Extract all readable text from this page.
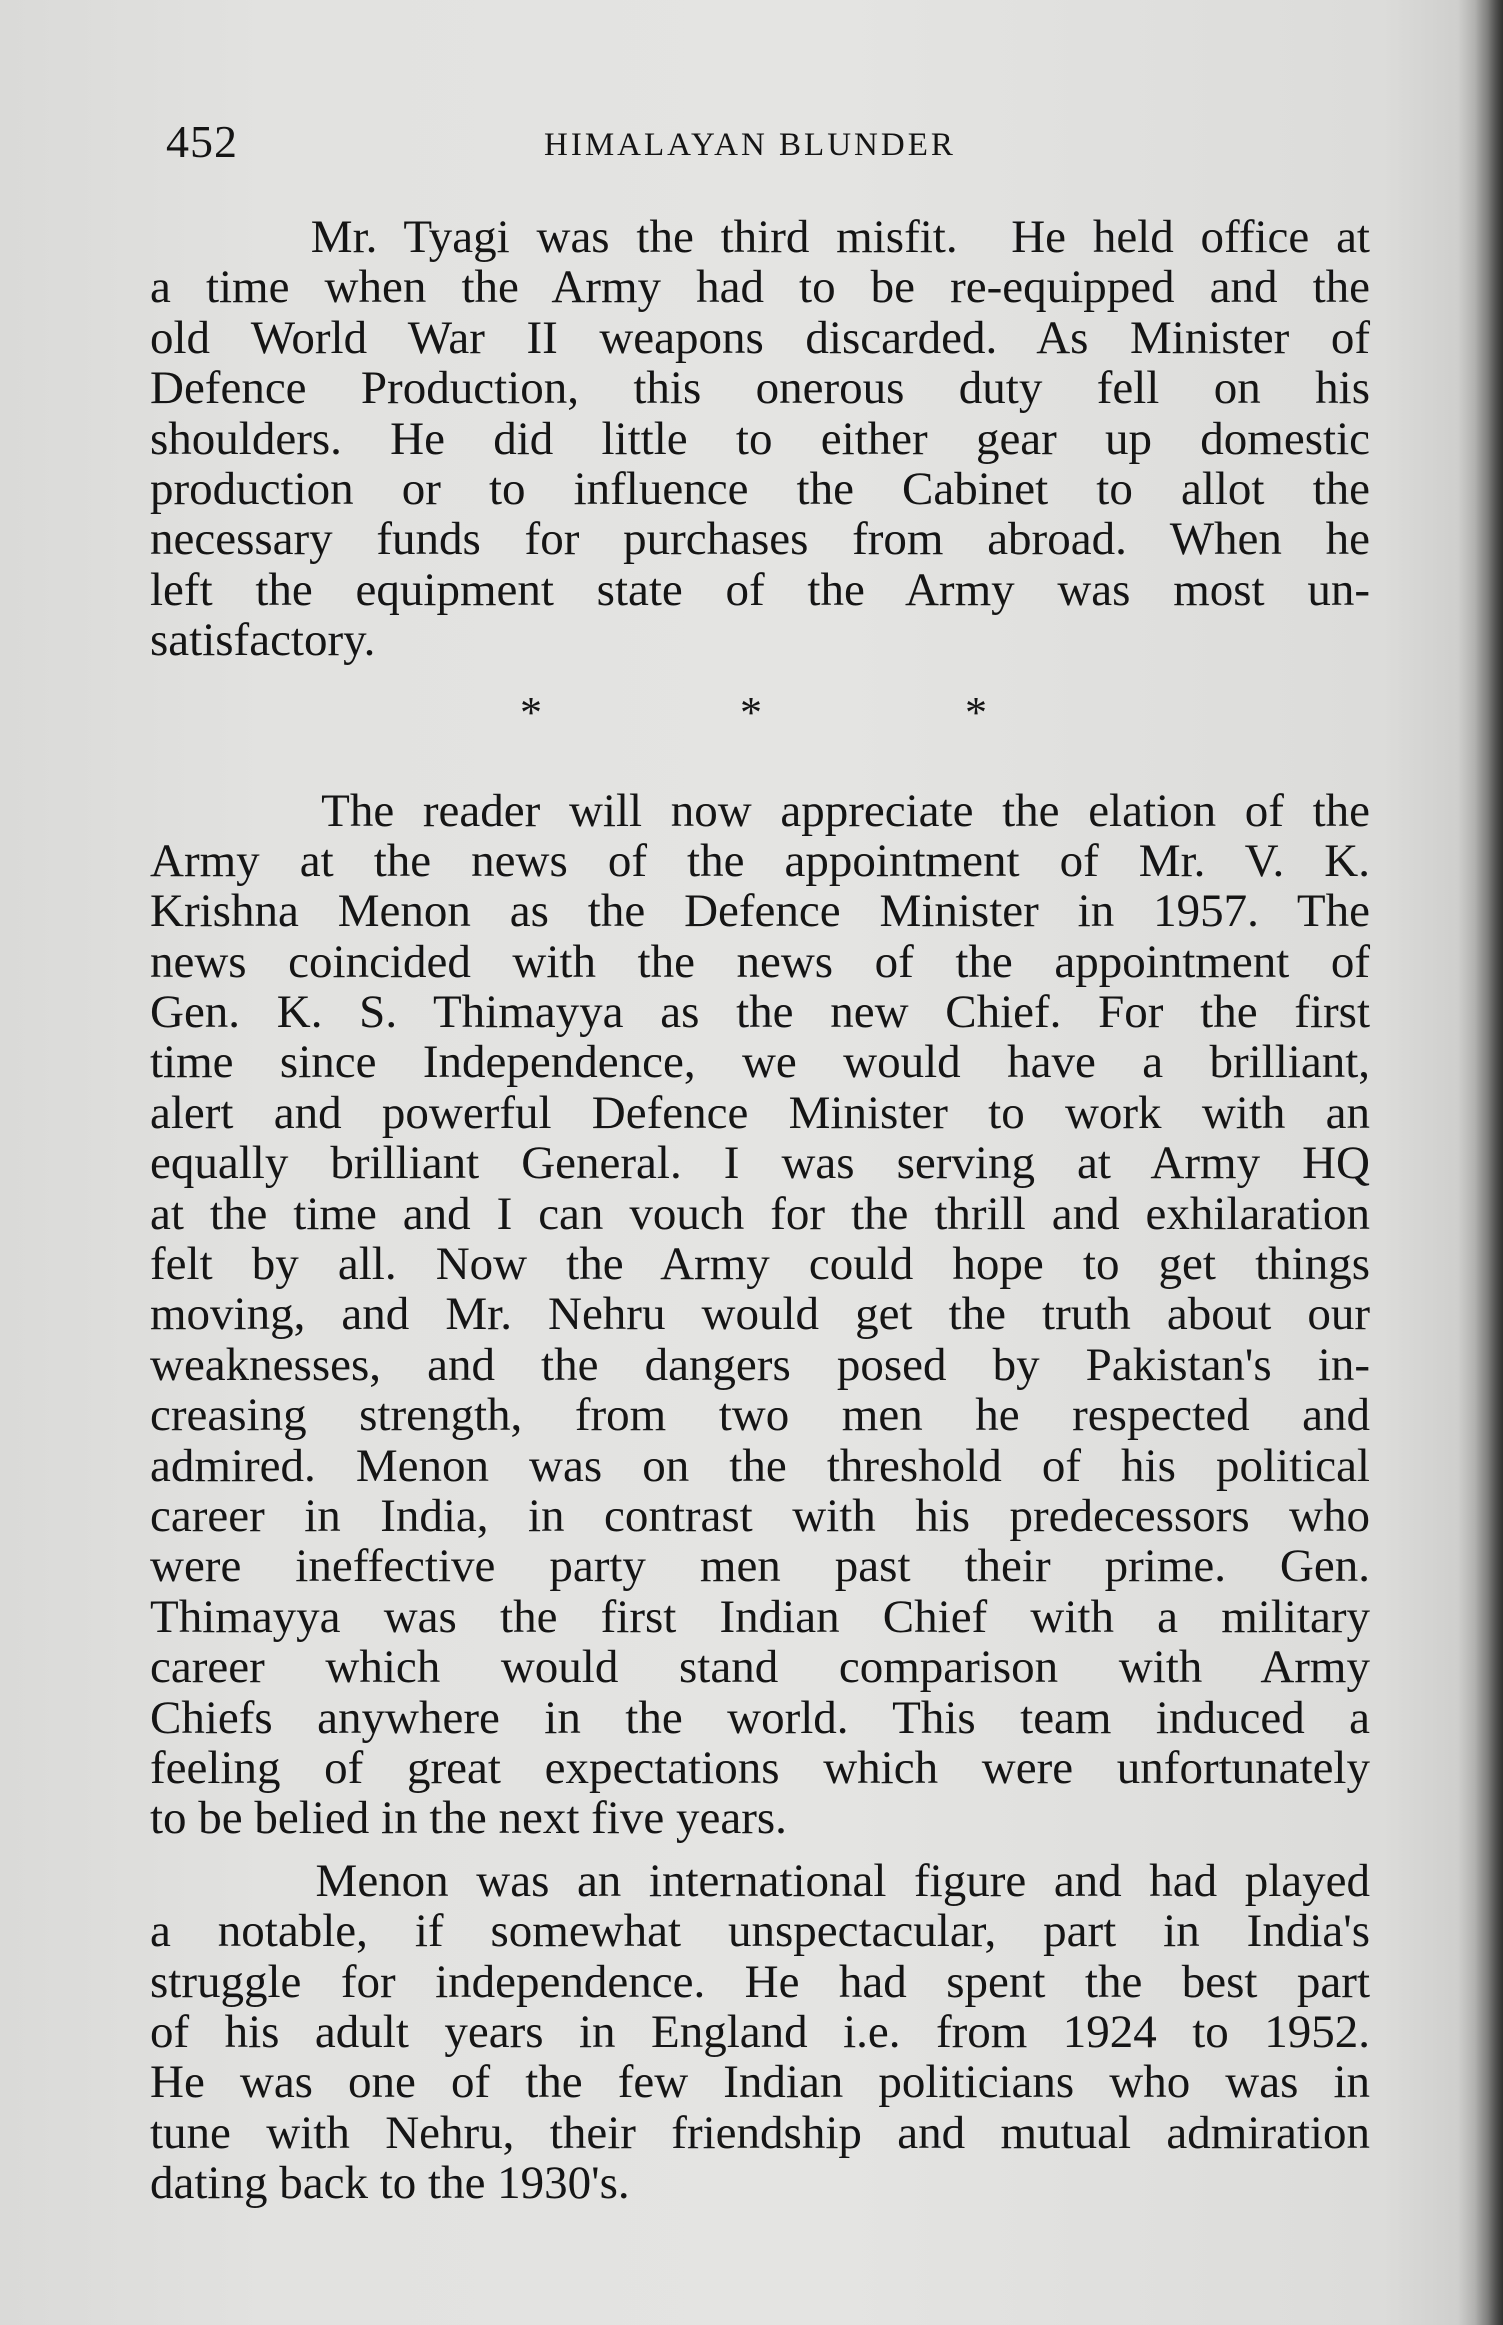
452	HIMALAYAN BLUNDER
Mr. Tyagi was the third misfit.  He held office at
a time when the Army had to be re-equipped and the
old World War II weapons discarded. As Minister of
Defence Production, this onerous duty fell on his
shoulders. He did little to either gear up domestic
production or to influence the Cabinet to allot the
necessary funds for purchases from abroad. When he
left the equipment state of the Army was most un-
satisfactory.
*	*	*
The reader will now appreciate the elation of the
Army at the news of the appointment of Mr. V. K.
Krishna Menon as the Defence Minister in 1957. The
news coincided with the news of the appointment of
Gen. K. S. Thimayya as the new Chief. For the first
time since Independence, we would have a brilliant,
alert and powerful Defence Minister to work with an
equally brilliant General. I was serving at Army HQ
at the time and I can vouch for the thrill and exhilaration
felt by all. Now the Army could hope to get things
moving, and Mr. Nehru would get the truth about our
weaknesses, and the dangers posed by Pakistan's in-
creasing strength, from two men he respected and
admired. Menon was on the threshold of his political
career in India, in contrast with his predecessors who
were ineffective party men past their prime. Gen.
Thimayya was the first Indian Chief with a military
career which would stand comparison with Army
Chiefs anywhere in the world. This team induced a
feeling of great expectations which were unfortunately
to be belied in the next five years.
Menon was an international figure and had played
a notable, if somewhat unspectacular, part in India's
struggle for independence. He had spent the best part
of his adult years in England i.e. from 1924 to 1952.
He was one of the few Indian politicians who was in
tune with Nehru, their friendship and mutual admiration
dating back to the 1930's.
